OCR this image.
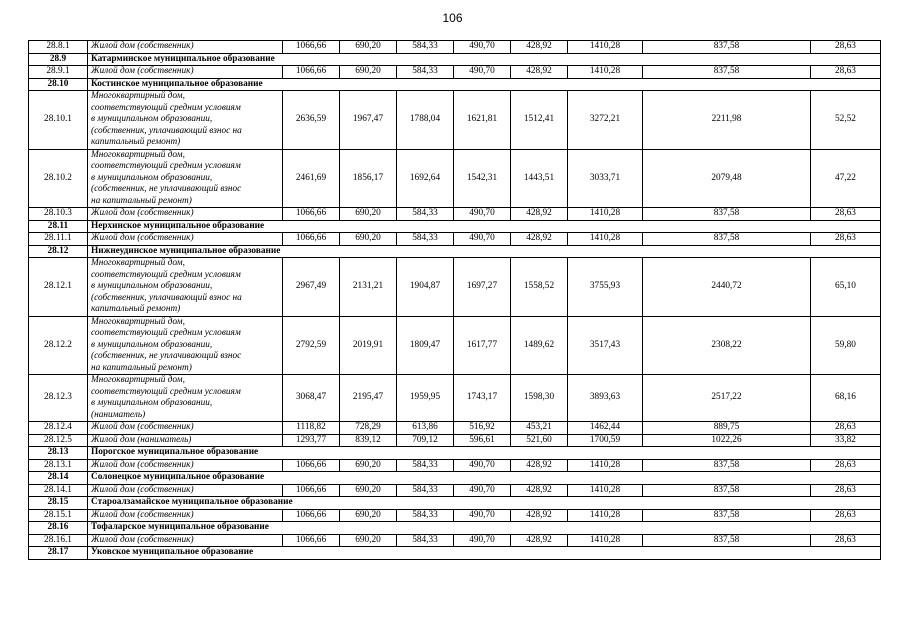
106
28.8.1	Жилой дом (собственник)	1066,66	690,20	584,33	490,70	428,92	1410,28	837,58	28,63
28.9	Катарминское муниципальное образование								
28.9.1	Жилой дом (собственник)	1066,66	690,20	584,33	490,70	428,92	1410,28	837,58	28,63
28.10	Костинское муниципальное образование								
28.10.1	Многоквартирный дом,
соответствующий средним условиям
в муниципальном образовании,
(собственник, уплачивающий взнос на
капитальный ремонт)	2636,59	1967,47	1788,04	1621,81	1512,41	3272,21	2211,98	52,52
28.10.2	Многоквартирный дом,
соответствующий средним условиям
в муниципальном образовании,
(собственник, не уплачивающий взнос
на капитальный ремонт)	2461,69	1856,17	1692,64	1542,31	1443,51	3033,71	2079,48	47,22
28.10.3	Жилой дом (собственник)	1066,66	690,20	584,33	490,70	428,92	1410,28	837,58	28,63
28.11	Нерхинское муниципальное образование								
28.11.1	Жилой дом (собственник)	1066,66	690,20	584,33	490,70	428,92	1410,28	837,58	28,63
28.12	Нижнеудинское муниципальное образование								
28.12.1	Многоквартирный дом,
соответствующий средним условиям
в муниципальном образовании,
(собственник, уплачивающий взнос на
капитальный ремонт)	2967,49	2131,21	1904,87	1697,27	1558,52	3755,93	2440,72	65,10
28.12.2	Многоквартирный дом,
соответствующий средним условиям
в муниципальном образовании,
(собственник, не уплачивающий взнос
на капитальный ремонт)	2792,59	2019,91	1809,47	1617,77	1489,62	3517,43	2308,22	59,80
28.12.3	Многоквартирный дом,
соответствующий средним условиям
в муниципальном образовании,
(наниматель)	3068,47	2195,47	1959,95	1743,17	1598,30	3893,63	2517,22	68,16
28.12.4	Жилой дом (собственник)	1118,82	728,29	613,86	516,92	453,21	1462,44	889,75	28,63
28.12.5	Жилой дом (наниматель)	1293,77	839,12	709,12	596,61	521,60	1700,59	1022,26	33,82
28.13	Порогское муниципальное образование								
28.13.1	Жилой дом (собственник)	1066,66	690,20	584,33	490,70	428,92	1410,28	837,58	28,63
28.14	Солонецкое муниципальное образование								
28.14.1	Жилой дом (собственник)	1066,66	690,20	584,33	490,70	428,92	1410,28	837,58	28,63
28.15	Староалзамайское муниципальное образование								
28.15.1	Жилой дом (собственник)	1066,66	690,20	584,33	490,70	428,92	1410,28	837,58	28,63
28.16	Тофаларское муниципальное образование								
28.16.1	Жилой дом (собственник)	1066,66	690,20	584,33	490,70	428,92	1410,28	837,58	28,63
28.17	Уковское муниципальное образование								
